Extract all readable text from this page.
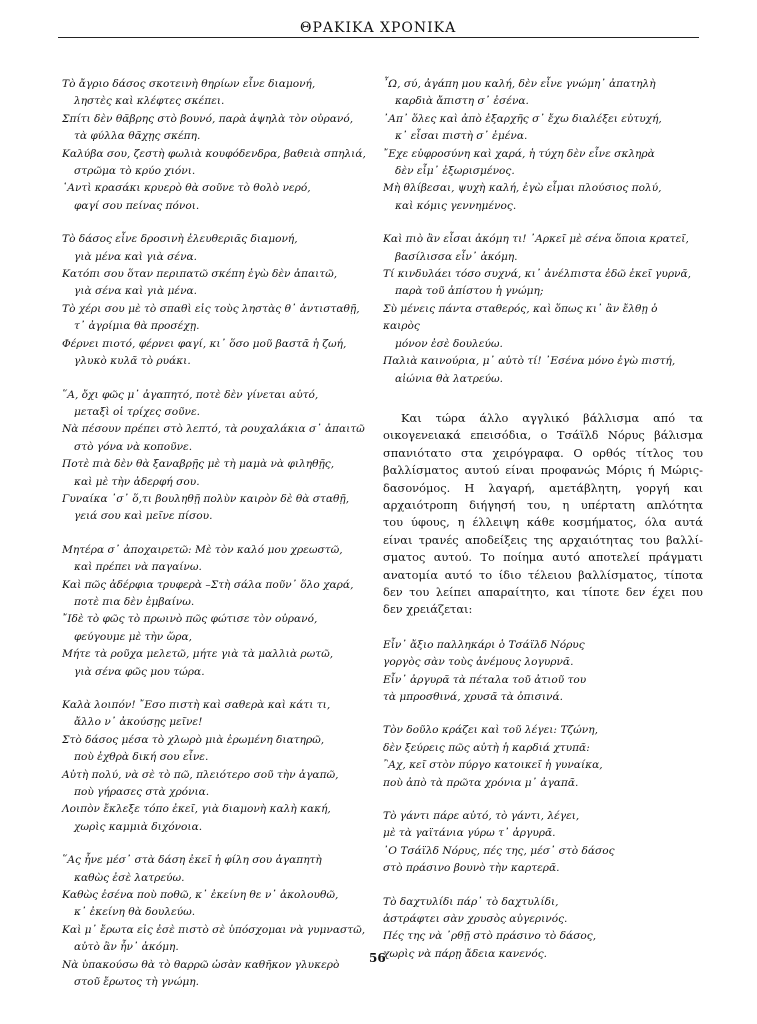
ΘΡΑΚΙΚΑ ΧΡΟΝΙΚΑ
Τὸ ἄγριο δάσος σκοτεινὴ θηρίων εἶνε διαμονή,
ληστὲς καὶ κλέφτες σκέπει.
Σπίτι δὲν θᾶβρης στὸ βουνό, παρὰ ἀψηλὰ τὸν οὐρανό,
τὰ φύλλα θᾶχῃς σκέπη.
Καλύβα σου, ζεστὴ φωλιὰ κουφόδενδρα, βαθειὰ σπηλιά,
στρῶμα τὸ κρύο χιόνι.
῾Αντὶ κρασάκι κρυερὸ θὰ σοῦνε τὸ θολὸ νερό,
φαγί σου πείνας πόνοι.
Τὸ δάσος εἶνε δροσινὴ ἐλευθεριᾶς διαμονή,
γιὰ μένα καὶ γιὰ σένα.
Κατόπι σου ὅταν περιπατῶ σκέπη ἐγὼ δὲν ἀπαιτῶ,
γιὰ σένα καὶ γιὰ μένα.
Τὸ χέρι σου μὲ τὸ σπαθὶ εἰς τοὺς ληστὰς θ᾽ ἀντισταθῇ,
τ᾽ ἀγρίμια θὰ προσέχῃ.
Φέρνει πιοτό, φέρνει φαγί, κι᾽ ὅσο μοῦ βαστᾶ ἡ ζωή,
γλυκὸ κυλᾶ τὸ ρυάκι.
῞Α, ὄχι φῶς μ᾽ ἀγαπητό, ποτὲ δὲν γίνεται αὐτό,
μεταξὶ οἱ τρίχες σοῦνε.
Νὰ πέσουν πρέπει στὸ λεπτό, τὰ ρουχαλάκια σ᾽ ἀπαιτῶ
στὸ γόνα νὰ κοποῦνε.
Ποτὲ πιὰ δὲν θὰ ξαναβρῇς μὲ τὴ μαμὰ νὰ φιληθῇς,
καὶ μὲ τὴν ἀδερφή σου.
Γυναίκα ᾽σ᾽ ὅ,τι βουληθῇ πολὺν καιρὸν δὲ θὰ σταθῇ,
γειά σου καὶ μεῖνε πίσου.
Μητέρα σ᾽ ἀποχαιρετῶ: Μὲ τὸν καλό μου χρεωστῶ,
καὶ πρέπει νὰ παγαίνω.
Καὶ πῶς ἀδέρφια τρυφερὰ –Στὴ σάλα ποῦν᾽ ὅλο χαρά,
ποτὲ πια δὲν ἐμβαίνω.
῎Ιδὲ τὸ φῶς τὸ πρωινὸ πῶς φώτισε τὸν οὐρανό,
φεύγουμε μὲ τὴν ὥρα,
Μήτε τὰ ροῦχα μελετῶ, μήτε γιὰ τὰ μαλλιὰ ρωτῶ,
γιὰ σένα φῶς μου τώρα.
Καλὰ λοιπόν! ῎Εσο πιστὴ καὶ σαθερὰ καὶ κάτι τι,
ἄλλο ν᾽ ἀκούσῃς μεῖνε!
Στὸ δάσος μέσα τὸ χλωρὸ μιὰ ἐρωμένη διατηρῶ,
ποὺ ἐχθρὰ δική σου εἶνε.
Αὐτὴ πολύ, νὰ σὲ τὸ πῶ, πλειότερο σοῦ τὴν ἀγαπῶ,
ποὺ γήρασες στὰ χρόνια.
Λοιπὸν ἔκλεξε τόπο ἐκεῖ, γιὰ διαμονὴ καλὴ κακή,
χωρὶς καμμιὰ διχόνοια.
῞Ας ἦνε μέσ᾽ στὰ δάση ἐκεῖ ἡ φίλη σου ἀγαπητὴ
καθὼς ἐσὲ λατρεύω.
Καθὼς ἐσένα ποὺ ποθῶ, κ᾽ ἐκείνη θε ν᾽ ἀκολουθῶ,
κ᾽ ἐκείνη θὰ δουλεύω.
Καὶ μ᾽ ἔρωτα εἰς ἐσὲ πιστὸ σὲ ὑπόσχομαι νὰ γυμναστῶ,
αὐτὸ ἂν ἦν᾽ ἀκόμη.
Νὰ ὑπακούσω θὰ τὸ θαρρῶ ὡσὰν καθῆκον γλυκερὸ
στοῦ ἔρωτος τὴ γνώμη.
῏Ω, σύ, ἀγάπη μου καλή, δὲν εἶνε γνώμη᾽ ἀπατηλὴ
καρδιὰ ἄπιστη σ᾽ ἐσένα.
᾽Απ᾽ ὅλες καὶ ἀπὸ ἐξαρχῆς σ᾽ ἔχω διαλέξει εὐτυχή,
κ᾽ εἶσαι πιστὴ σ᾽ ἐμένα.
῎Εχε εὐφροσύνη καὶ χαρά, ἡ τύχη δὲν εἶνε σκληρὰ
δὲν εἶμ᾽ ἐξωρισμένος.
Μὴ θλίβεσαι, ψυχὴ καλή, ἐγὼ εἶμαι πλούσιος πολύ,
καὶ κόμις γεννημένος.
Καὶ πιὸ ἂν εἶσαι ἀκόμη τι! ᾽Αρκεῖ μὲ σένα ὅποια κρατεῖ,
βασίλισσα εἶν᾽ ἀκόμη.
Τί κινδυλάει τόσο συχνά, κι᾽ ἀνέλπιστα ἐδῶ ἐκεῖ γυρνᾶ,
παρὰ τοῦ ἀπίστου ἡ γνώμη;
Σὺ μένεις πάντα σταθερός, καὶ ὅπως κι᾽ ἂν ἔλθῃ ὁ
καιρὸς
μόνον ἐσὲ δουλεύω.
Παλιὰ καινούρια, μ᾽ αὐτὸ τί! ᾽Εσένα μόνο ἐγὼ πιστή,
αἰώνια θὰ λατρεύω.
Και τώρα άλλο αγγλικό βάλλισμα από τα
οικογενειακά επεισόδια, ο Τσάϊλδ Νόρυς βάλισμα
σπανιότατο στα χειρόγραφα. Ο ορθός τίτλος του
βαλλίσματος αυτού είναι προφανώς Μόρις ή Μώρις-
δασονόμος. Η λαγαρή, αμετάβλητη, γοργή και
αρχαιότροπη διήγησή του, η υπέρτατη απλότητα
του ύφους, η έλλειψη κάθε κοσμήματος, όλα αυτά
είναι τρανές αποδείξεις της αρχαιότητας του βαλλί-
σματος αυτού. Το ποίημα αυτό αποτελεί πράγματι
ανατομία αυτό το ίδιο τέλειου βαλλίσματος, τίποτα
δεν του λείπει απαραίτητο, και τίποτε δεν έχει που
δεν χρειάζεται:
Εἶν᾽ ἄξιο παλληκάρι ὁ Τσάϊλδ Νόρυς
γοργὸς σὰν τοὺς ἀνέμους λογυρνᾶ.
Εἶν᾽ ἀργυρᾶ τὰ πέταλα τοῦ ἀτιοῦ του
τὰ μπροσθινά, χρυσᾶ τὰ ὀπισινά.
Τὸν δοῦλο κράζει καὶ τοῦ λέγει: Τζώνη,
δὲν ξεύρεις πῶς αὐτὴ ἡ καρδιά χτυπᾶ:
῍Αχ, κεῖ στὸν πύργο κατοικεῖ ἡ γυναίκα,
ποὺ ἀπὸ τὰ πρῶτα χρόνια μ᾽ ἀγαπᾶ.
Τὸ γάντι πάρε αὐτό, τὸ γάντι, λέγει,
μὲ τὰ γαϊτάνια γύρω τ᾽ ἀργυρᾶ.
᾽Ο Τσάϊλδ Νόρυς, πές της, μέσ᾽ στὸ δάσος
στὸ πράσινο βουνὸ τὴν καρτερᾶ.
Τὸ δαχτυλίδι πάρ᾽ τὸ δαχτυλίδι,
ἀστράφτει σὰν χρυσὸς αὐγερινός.
Πές της νὰ ᾽ρθῇ στὸ πράσινο τὸ δάσος,
χωρὶς νὰ πάρῃ ἄδεια κανενός.
56
